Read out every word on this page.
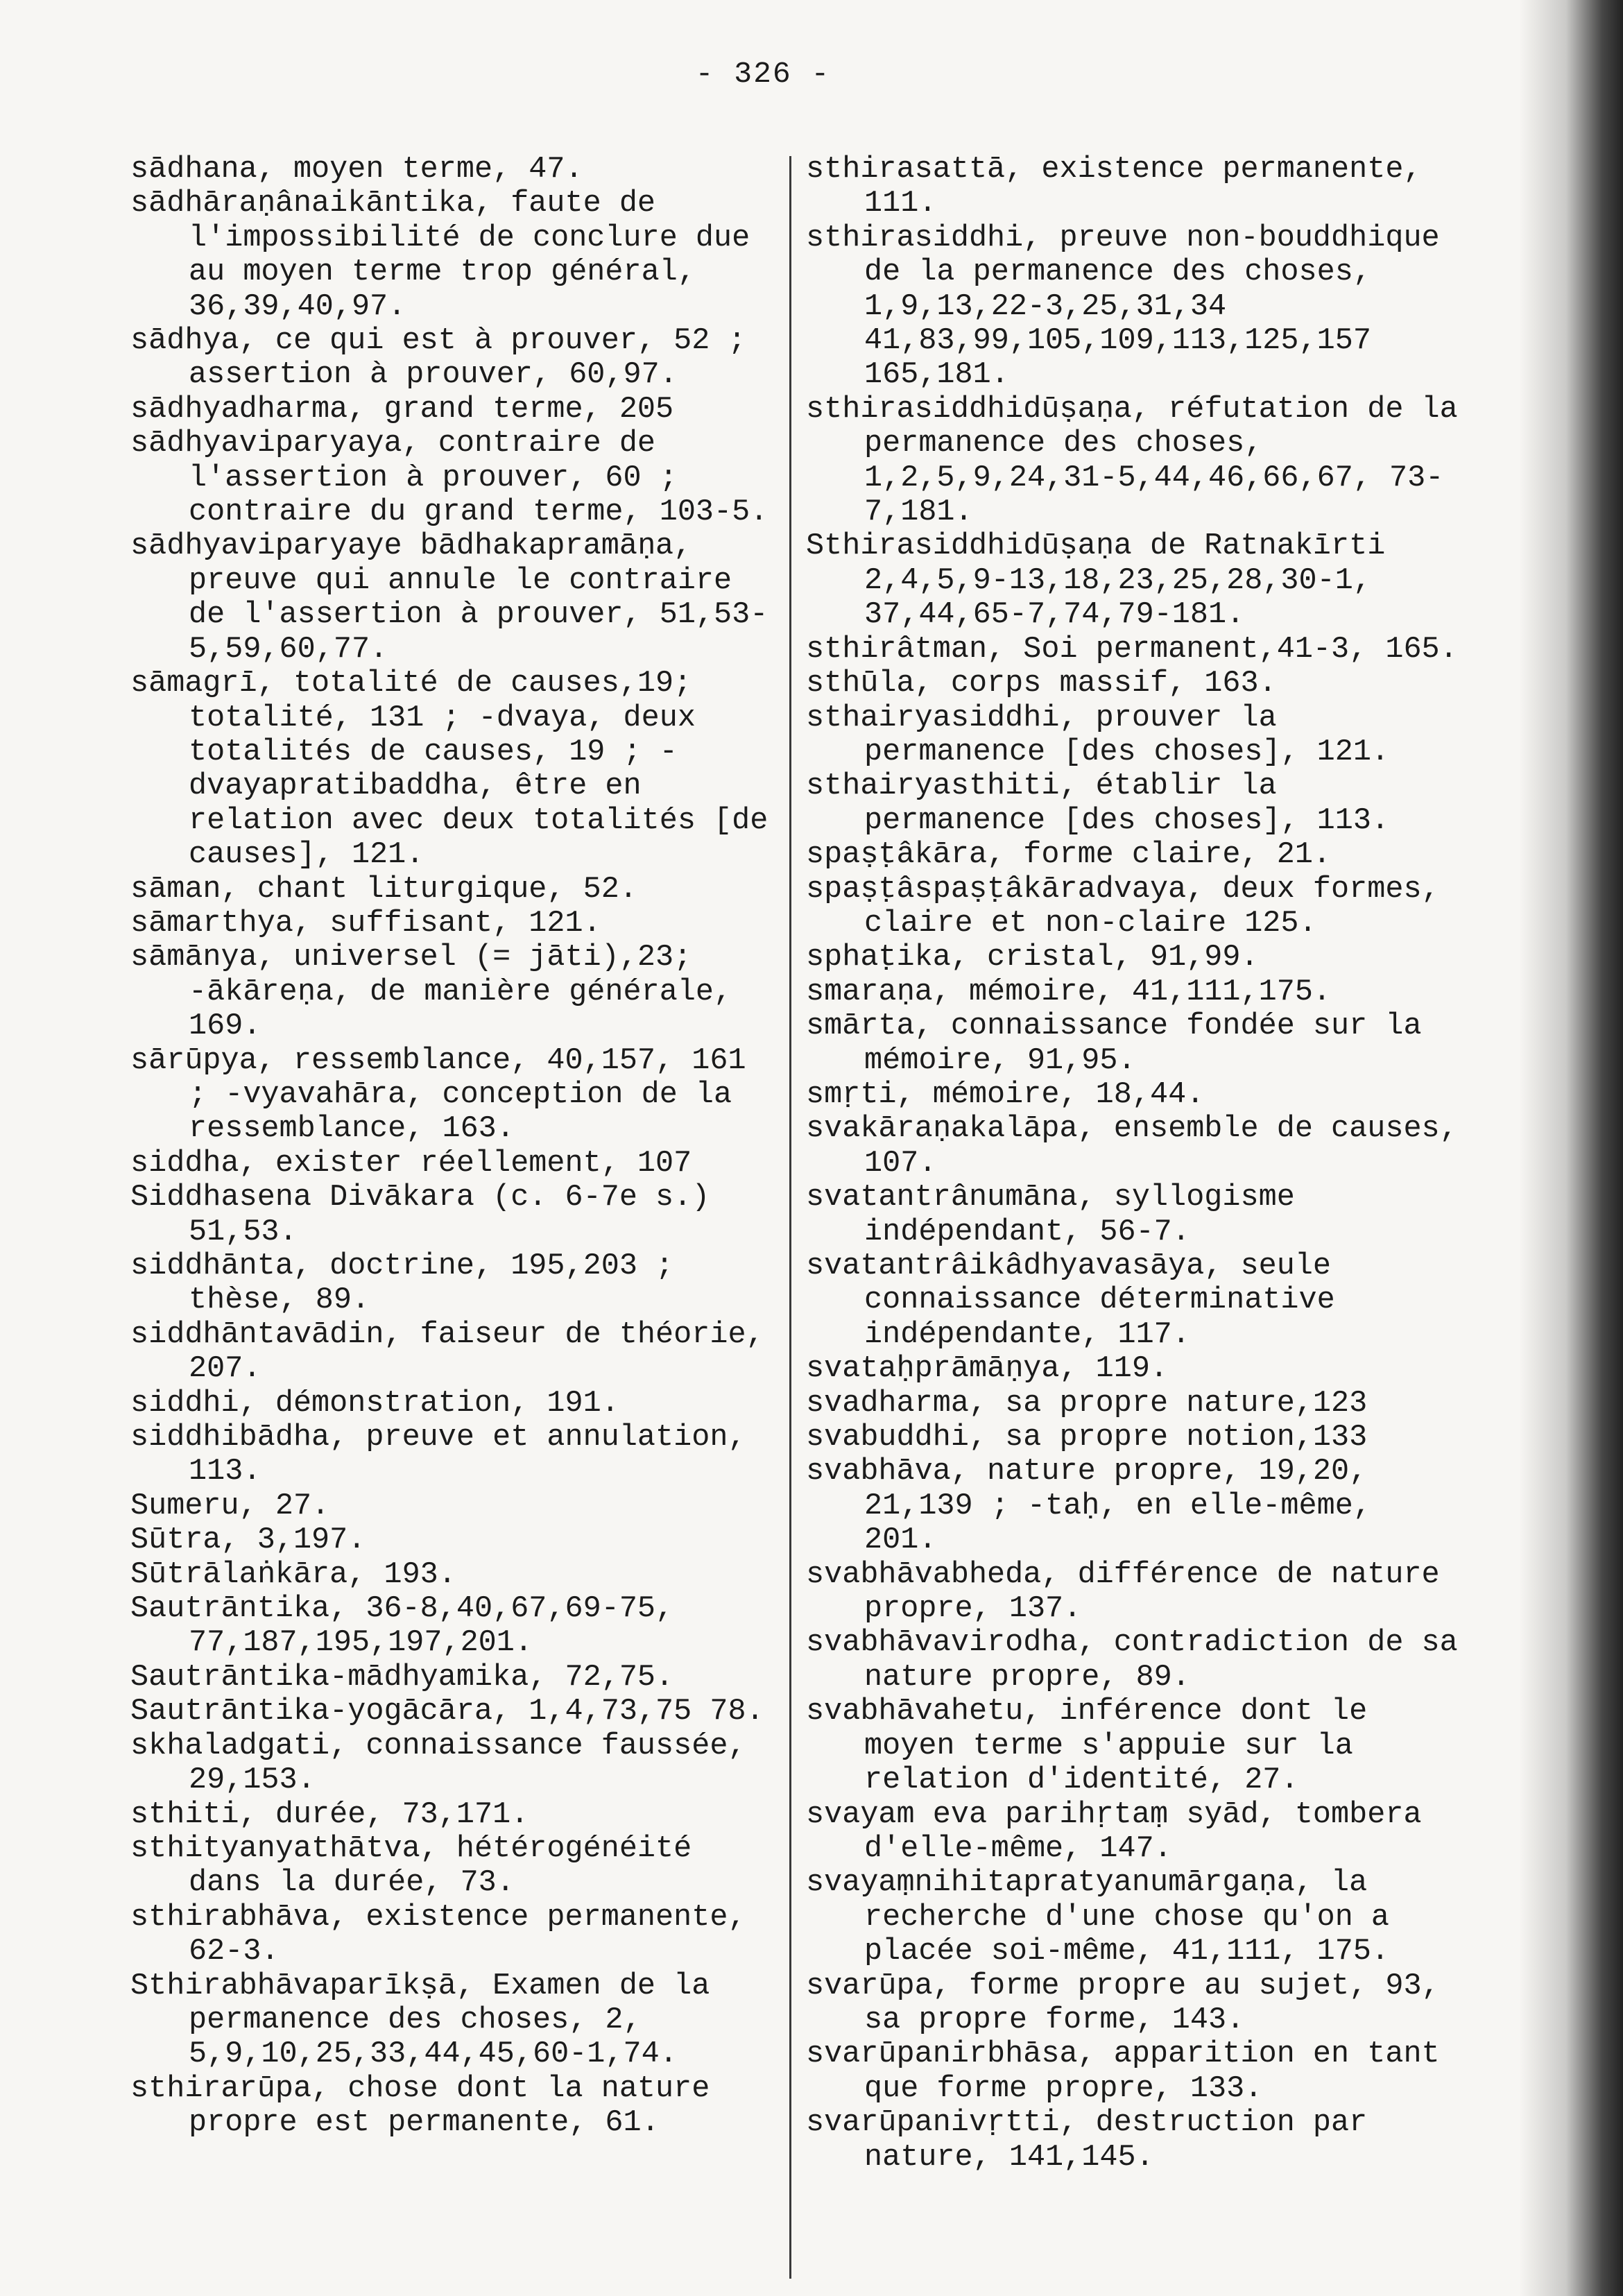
- 326 -
sādhana, moyen terme, 47.
sādhāraṇânaikāntika, faute de l'impossibilité de conclure due au moyen terme trop général, 36,39,40,97.
sādhya, ce qui est à prouver, 52 ; assertion à prouver, 60,97.
sādhyadharma, grand terme, 205
sādhyaviparyaya, contraire de l'assertion à prouver, 60 ; contraire du grand terme, 103-5.
sādhyaviparyaye bādhakapramāṇa, preuve qui annule le contraire de l'assertion à prouver, 51,53-5,59,60,77.
sāmagrī, totalité de causes,19; totalité, 131 ; -dvaya, deux totalités de causes, 19 ; -dvayapratibaddha, être en relation avec deux totalités [de causes], 121.
sāman, chant liturgique, 52.
sāmarthya, suffisant, 121.
sāmānya, universel (= jāti),23; -ākāreṇa, de manière générale, 169.
sārūpya, ressemblance, 40,157, 161 ; -vyavahāra, conception de la ressemblance, 163.
siddha, exister réellement, 107
Siddhasena Divākara (c. 6-7e s.) 51,53.
siddhānta, doctrine, 195,203 ; thèse, 89.
siddhāntavādin, faiseur de théorie, 207.
siddhi, démonstration, 191.
siddhibādha, preuve et annulation, 113.
Sumeru, 27.
Sūtra, 3,197.
Sūtrālaṅkāra, 193.
Sautrāntika, 36-8,40,67,69-75, 77,187,195,197,201.
Sautrāntika-mādhyamika, 72,75.
Sautrāntika-yogācāra, 1,4,73,75 78.
skhaladgati, connaissance faussée, 29,153.
sthiti, durée, 73,171.
sthityanyathātva, hétérogénéité dans la durée, 73.
sthirabhāva, existence permanente, 62-3.
Sthirabhāvaparīkṣā, Examen de la permanence des choses, 2, 5,9,10,25,33,44,45,60-1,74.
sthirarūpa, chose dont la nature propre est permanente, 61.
sthirasattā, existence permanente, 111.
sthirasiddhi, preuve non-bouddhique de la permanence des choses, 1,9,13,22-3,25,31,34 41,83,99,105,109,113,125,157 165,181.
sthirasiddhidūṣaṇa, réfutation de la permanence des choses, 1,2,5,9,24,31-5,44,46,66,67, 73-7,181.
Sthirasiddhidūṣaṇa de Ratnakīrti 2,4,5,9-13,18,23,25,28,30-1, 37,44,65-7,74,79-181.
sthirâtman, Soi permanent,41-3, 165.
sthūla, corps massif, 163.
sthairyasiddhi, prouver la permanence [des choses], 121.
sthairyasthiti, établir la permanence [des choses], 113.
spaṣṭâkāra, forme claire, 21.
spaṣṭâspaṣṭâkāradvaya, deux formes, claire et non-claire 125.
sphaṭika, cristal, 91,99.
smaraṇa, mémoire, 41,111,175.
smārta, connaissance fondée sur la mémoire, 91,95.
smṛti, mémoire, 18,44.
svakāraṇakalāpa, ensemble de causes, 107.
svatantrânumāna, syllogisme indépendant, 56-7.
svatantrâikâdhyavasāya, seule connaissance déterminative indépendante, 117.
svataḥprāmāṇya, 119.
svadharma, sa propre nature,123
svabuddhi, sa propre notion,133
svabhāva, nature propre, 19,20, 21,139 ; -taḥ, en elle-même, 201.
svabhāvabheda, différence de nature propre, 137.
svabhāvavirodha, contradiction de sa nature propre, 89.
svabhāvahetu, inférence dont le moyen terme s'appuie sur la relation d'identité, 27.
svayam eva parihṛtaṃ syād, tombera d'elle-même, 147.
svayaṃnihitapratyanumārgaṇa, la recherche d'une chose qu'on a placée soi-même, 41,111, 175.
svarūpa, forme propre au sujet, 93, sa propre forme, 143.
svarūpanirbhāsa, apparition en tant que forme propre, 133.
svarūpanivṛtti, destruction par nature, 141,145.
